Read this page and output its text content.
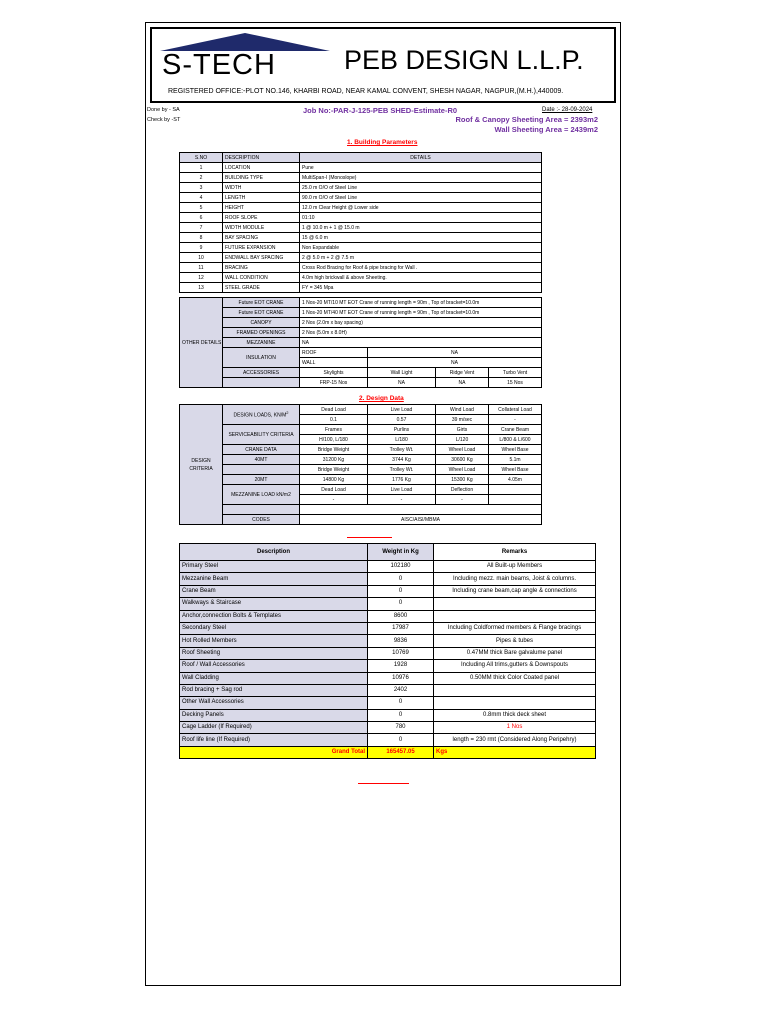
S-TECH	PEB DESIGN L.L.P.
REGISTERED OFFICE:-PLOT NO.146, KHARBI ROAD, NEAR KAMAL CONVENT, SHESH NAGAR, NAGPUR,(M.H.),440009.
Done by - SA
Check by -ST
Job No:-PAR-J-125-PEB SHED-Estimate-R0	Date :- 28-09-2024
Roof & Canopy Sheeting Area = 2393m2
Wall Sheeting Area = 2439m2
1. Building Parameters
S.NO	DESCRIPTION	DETAILS
1	LOCATION	Pune
2	BUILDING TYPE	MultiSpan-I (Monoslope)
3	WIDTH	25.0 m O/O of Steel Line
4	LENGTH	90.0 m O/O of Steel Line
5	HEIGHT	12.0 m Clear Height @ Lower side
6	ROOF SLOPE	01:10
7	WIDTH MODULE	1 @ 10.0 m + 1 @ 15.0 m
8	BAY SPACING	15 @ 6.0 m
9	FUTURE EXPANSION	Non Expandable
10	ENDWALL BAY SPACING	2 @ 5.0 m + 2 @ 7.5 m
11	BRACING	Cross Rod Bracing for Roof & pipe bracing for Wall .
12	WALL CONDITION	4.0m high brickwall & above Sheeting.
13	STEEL GRADE	FY = 345 Mpa
OTHER DETAILS	Future EOT CRANE	1 Nos-20 MT/10 MT EOT Crane of running length = 90m , Top of bracket=10.0m			
	Future EOT CRANE	1 Nos-20 MT/40 MT EOT Crane of running length = 90m , Top of bracket=10.0m			
	CANOPY	2 Nos (2.0m x bay spacing)			
	FRAMED OPENINGS	2 Nos (5.0m x 8.0H)			
	MEZZANINE	NA			
	INSULATION	ROOF	NA		
		WALL	NA		
	ACCESSORIES	Skylights	Wall Light	Ridge Vent	Turbo Vent
		FRP-15 Nos	NA	NA	15 Nos
2. Design Data
DESIGN CRITERIA	DESIGN LOADS, $KN/M^2$	Dead Load	Live Load	Wind Load	Collateral Load
		0.1	0.57	39 m/sec	-
	SERVICEABILITY CRITERIA	Frames	Purlins	Girts	Crane Beam
		H/100, L/180	L/180	L/120	L/800 & L/600
	CRANE DATA	Bridge Weight	Trolley Wt.	Wheel Load	Wheel Base
	40MT	31200 Kg	3744 Kg	30600 Kg	5.1m
		Bridge Weight	Trolley Wt.	Wheel Load	Wheel Base
	20MT	14800 Kg	1776 Kg	15300 Kg	4.05m
	MEZZANINE LOAD kN/m2	Dead Load	Live Load	Deflection	
		-	-	-	

	CODES	AISC/AISI/MBMA			
Description	Weight in Kg	Remarks
Primary Steel	102180	All Built-up Members
Mezzanine Beam	0	Including mezz. main beams, Joist & columns.
Crane Beam	0	Including crane beam,cap angle & connections
Walkways & Staircase	0	
Anchor,connection Bolts & Templates	8600	
Secondary Steel	17987	Including Coldformed members & Flange bracings
Hot Rolled Members	9836	Pipes & tubes
Roof Sheeting	10769	0.47MM thick Bare galvalume panel
Roof / Wall Accessories	1928	Including All trims,gutters & Downspouts
Wall Cladding	10976	0.50MM thick Color Coated panel
Rod bracing + Sag rod	2402	
Other Wall Accessories	0	
Decking Panels	0	0.8mm thick deck sheet
Cage Ladder (If Required)	780	1 Nos
Roof life line (If Required)	0	length = 230 rmt (Considered Along Peripehry)
Grand Total	165457.05	Kgs
